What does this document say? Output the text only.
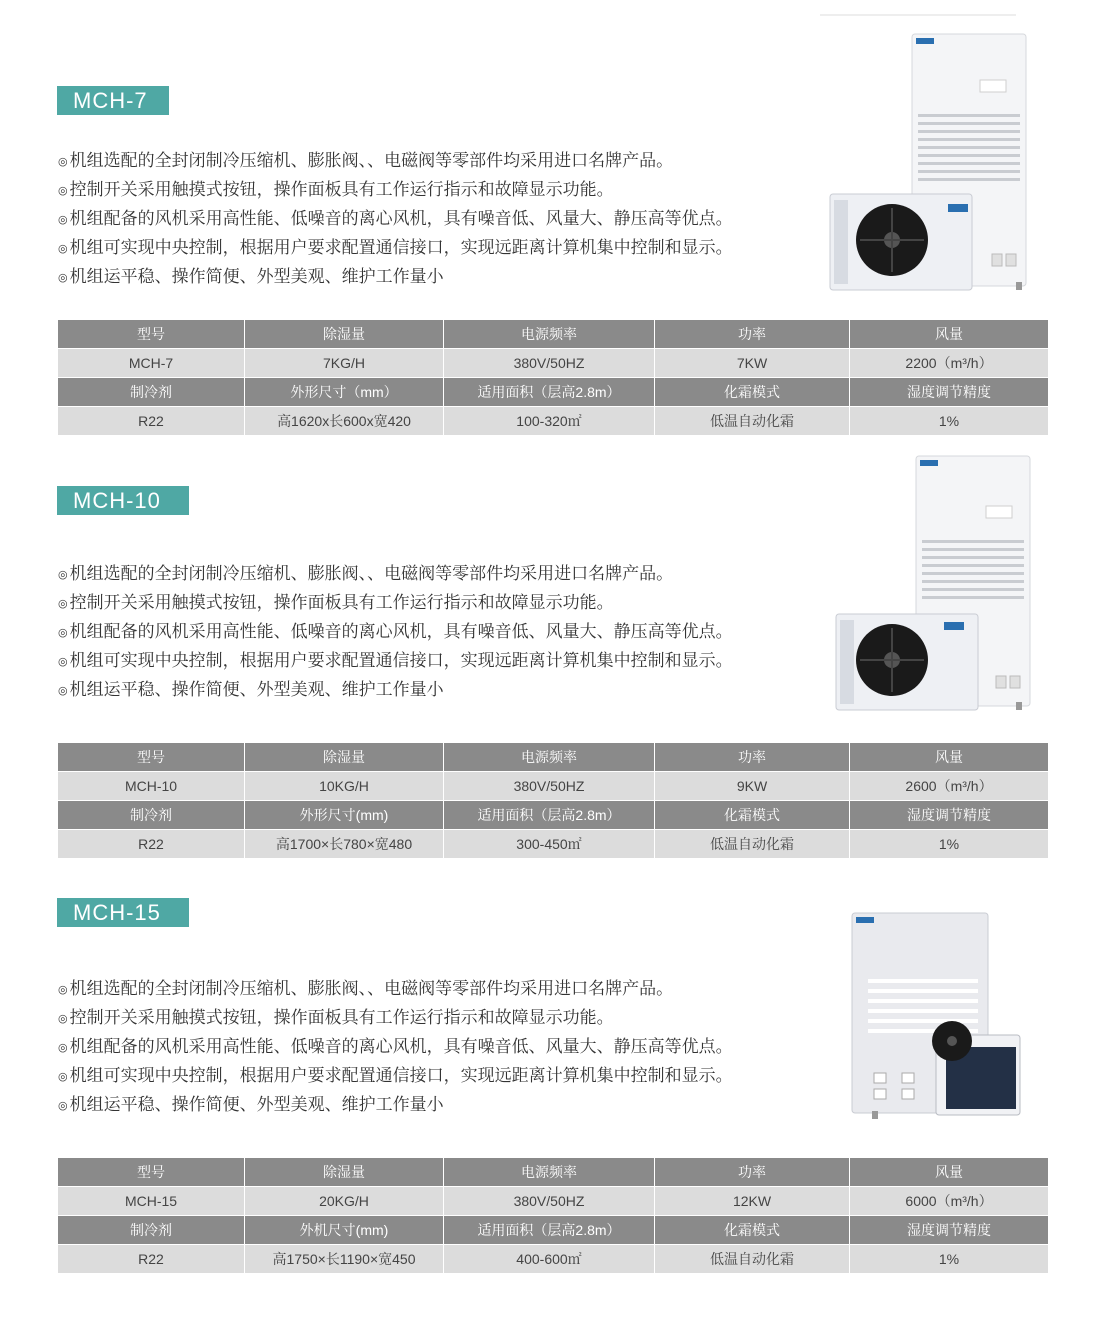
MCH-7
◎ 机组选配的全封闭制冷压缩机、膨胀阀、、电磁阀等零部件均采用进口名牌产品。
◎ 控制开关采用触摸式按钮，操作面板具有工作运行指示和故障显示功能。
◎ 机组配备的风机采用高性能、低噪音的离心风机，具有噪音低、风量大、静压高等优点。
◎ 机组可实现中央控制，根据用户要求配置通信接口，实现远距离计算机集中控制和显示。
◎ 机组运平稳、操作简便、外型美观、维护工作量小
型号	除湿量	电源频率	功率	风量
MCH-7	7KG/H	380V/50HZ	7KW	2200（m³/h）
制冷剂	外形尺寸（mm）	适用面积（层高2.8m）	化霜模式	湿度调节精度
R22	高1620x长600x宽420	100-320㎡	低温自动化霜	1%
MCH-10
◎ 机组选配的全封闭制冷压缩机、膨胀阀、、电磁阀等零部件均采用进口名牌产品。
◎ 控制开关采用触摸式按钮，操作面板具有工作运行指示和故障显示功能。
◎ 机组配备的风机采用高性能、低噪音的离心风机，具有噪音低、风量大、静压高等优点。
◎ 机组可实现中央控制，根据用户要求配置通信接口，实现远距离计算机集中控制和显示。
◎ 机组运平稳、操作简便、外型美观、维护工作量小
型号	除湿量	电源频率	功率	风量
MCH-10	10KG/H	380V/50HZ	9KW	2600（m³/h）
制冷剂	外形尺寸(mm)	适用面积（层高2.8m）	化霜模式	湿度调节精度
R22	高1700×长780×宽480	300-450㎡	低温自动化霜	1%
MCH-15
◎ 机组选配的全封闭制冷压缩机、膨胀阀、、电磁阀等零部件均采用进口名牌产品。
◎ 控制开关采用触摸式按钮，操作面板具有工作运行指示和故障显示功能。
◎ 机组配备的风机采用高性能、低噪音的离心风机，具有噪音低、风量大、静压高等优点。
◎ 机组可实现中央控制，根据用户要求配置通信接口，实现远距离计算机集中控制和显示。
◎ 机组运平稳、操作简便、外型美观、维护工作量小
型号	除湿量	电源频率	功率	风量
MCH-15	20KG/H	380V/50HZ	12KW	6000（m³/h）
制冷剂	外机尺寸(mm)	适用面积（层高2.8m）	化霜模式	湿度调节精度
R22	高1750×长1190×宽450	400-600㎡	低温自动化霜	1%
